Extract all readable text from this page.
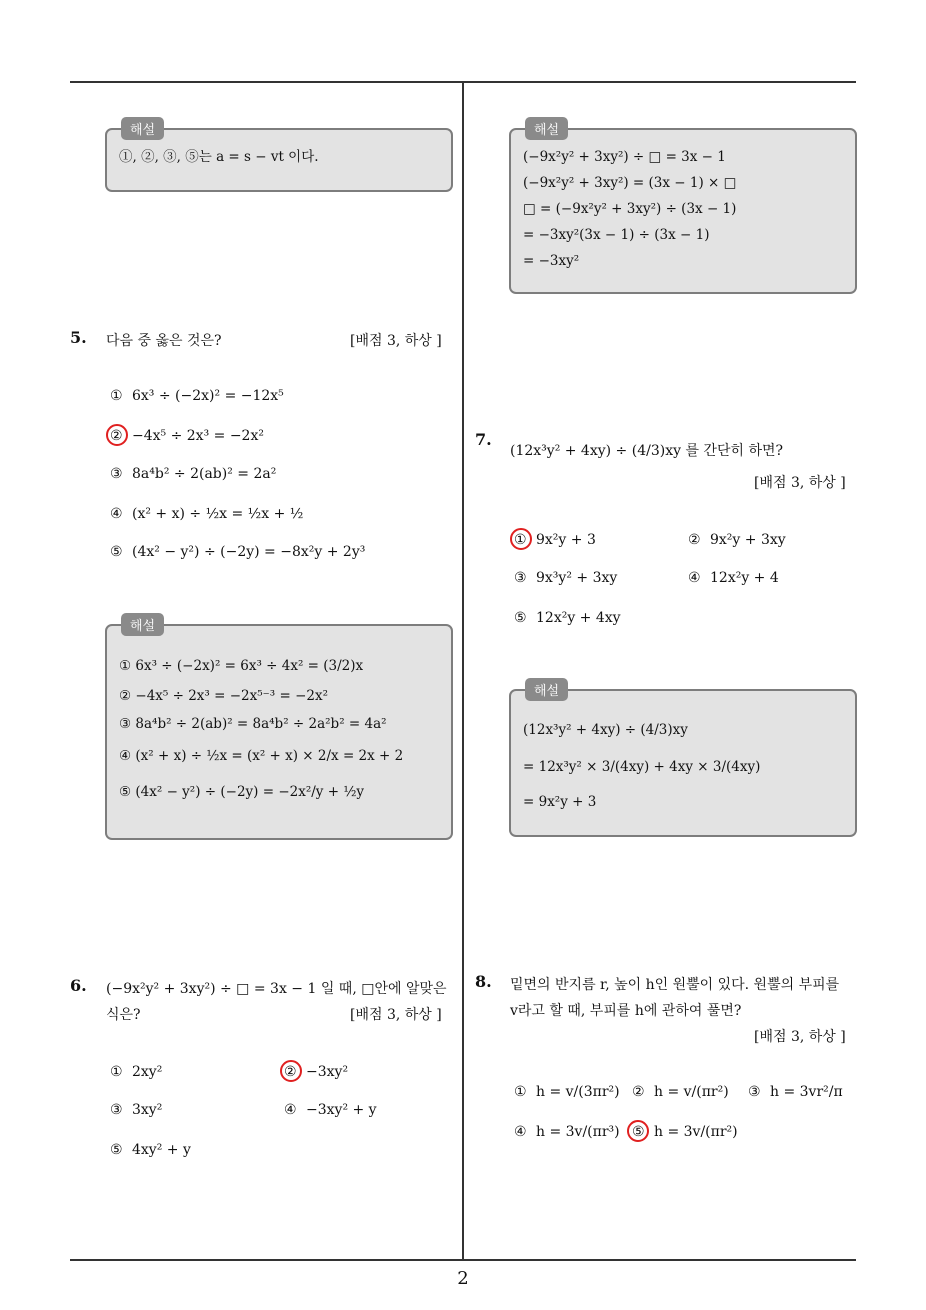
2
해설
①, ②, ③, ⑤는 a = s − vt 이다.
5. 다음 중 옳은 것은?	[배점 3, 하상 ]
① 6x³ ÷ (−2x)² = −12x⁵
② −4x⁵ ÷ 2x³ = −2x²
③ 8a⁴b² ÷ 2(ab)² = 2a²
④ (x² + x) ÷ ½x = ½x + ½
⑤ (4x² − y²) ÷ (−2y) = −8x²y + 2y³
해설
① 6x³ ÷ (−2x)² = 6x³ ÷ 4x² = (3/2)x
② −4x⁵ ÷ 2x³ = −2x⁵⁻³ = −2x²
③ 8a⁴b² ÷ 2(ab)² = 8a⁴b² ÷ 2a²b² = 4a²
④ (x² + x) ÷ ½x = (x² + x) × 2/x = 2x + 2
⑤ (4x² − y²) ÷ (−2y) = −2x²/y + ½y
6. (−9x²y² + 3xy²) ÷ □ = 3x − 1 일 때, □안에 알맞은
식은?	[배점 3, 하상 ]
① 2xy²	② −3xy²
③ 3xy²	④ −3xy² + y
⑤ 4xy² + y
해설
(−9x²y² + 3xy²) ÷ □ = 3x − 1
(−9x²y² + 3xy²) = (3x − 1) × □
□ = (−9x²y² + 3xy²) ÷ (3x − 1)
= −3xy²(3x − 1) ÷ (3x − 1)
= −3xy²
7.
(12x³y² + 4xy) ÷ (4/3)xy 를 간단히 하면?
[배점 3, 하상 ]
① 9x²y + 3	② 9x²y + 3xy
③ 9x³y² + 3xy	④ 12x²y + 4
⑤ 12x²y + 4xy
해설
(12x³y² + 4xy) ÷ (4/3)xy
= 12x³y² × 3/(4xy) + 4xy × 3/(4xy)
= 9x²y + 3
8. 밑면의 반지름 r, 높이 h인 원뿔이 있다. 원뿔의 부피를
v라고 할 때, 부피를 h에 관하여 풀면?
[배점 3, 하상 ]
① h = v/(3πr²) ② h = v/(πr²) ③ h = 3vr²/π
④ h = 3v/(πr³) ⑤ h = 3v/(πr²)
